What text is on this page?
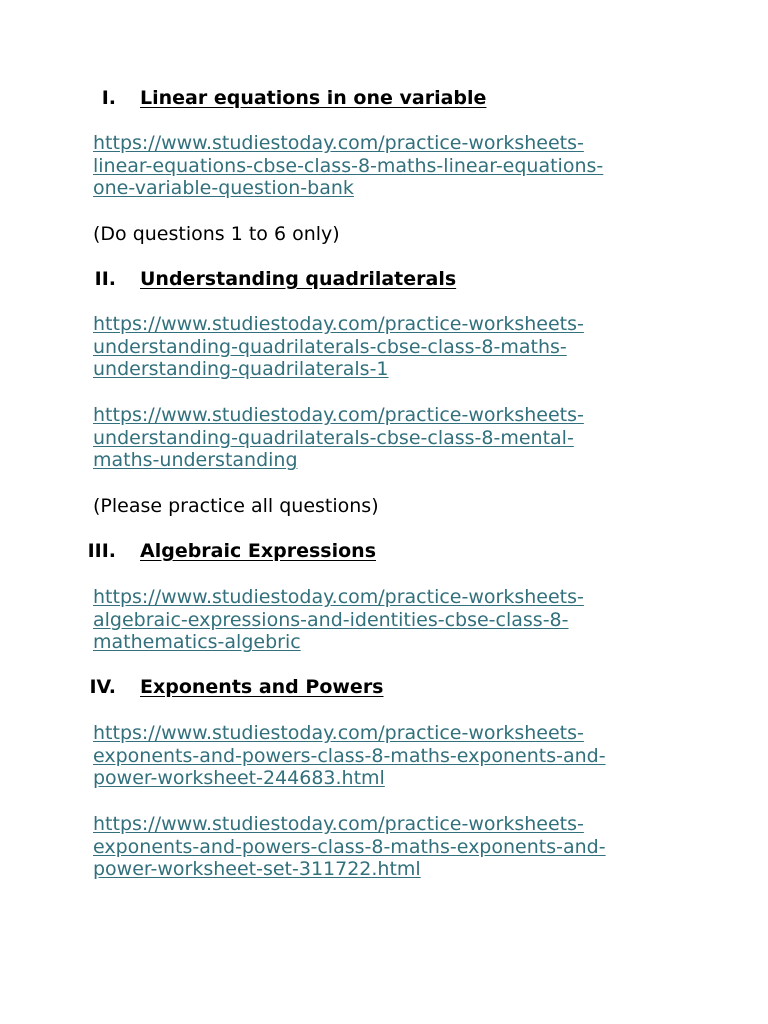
I. Linear equations in one variable
https://www.studiestoday.com/practice-worksheets-
linear-equations-cbse-class-8-maths-linear-equations-
one-variable-question-bank
(Do questions 1 to 6 only)
II. Understanding quadrilaterals
https://www.studiestoday.com/practice-worksheets-
understanding-quadrilaterals-cbse-class-8-maths-
understanding-quadrilaterals-1
https://www.studiestoday.com/practice-worksheets-
understanding-quadrilaterals-cbse-class-8-mental-
maths-understanding
(Please practice all questions)
III. Algebraic Expressions
https://www.studiestoday.com/practice-worksheets-
algebraic-expressions-and-identities-cbse-class-8-
mathematics-algebric
IV. Exponents and Powers
https://www.studiestoday.com/practice-worksheets-
exponents-and-powers-class-8-maths-exponents-and-
power-worksheet-244683.html
https://www.studiestoday.com/practice-worksheets-
exponents-and-powers-class-8-maths-exponents-and-
power-worksheet-set-311722.html
